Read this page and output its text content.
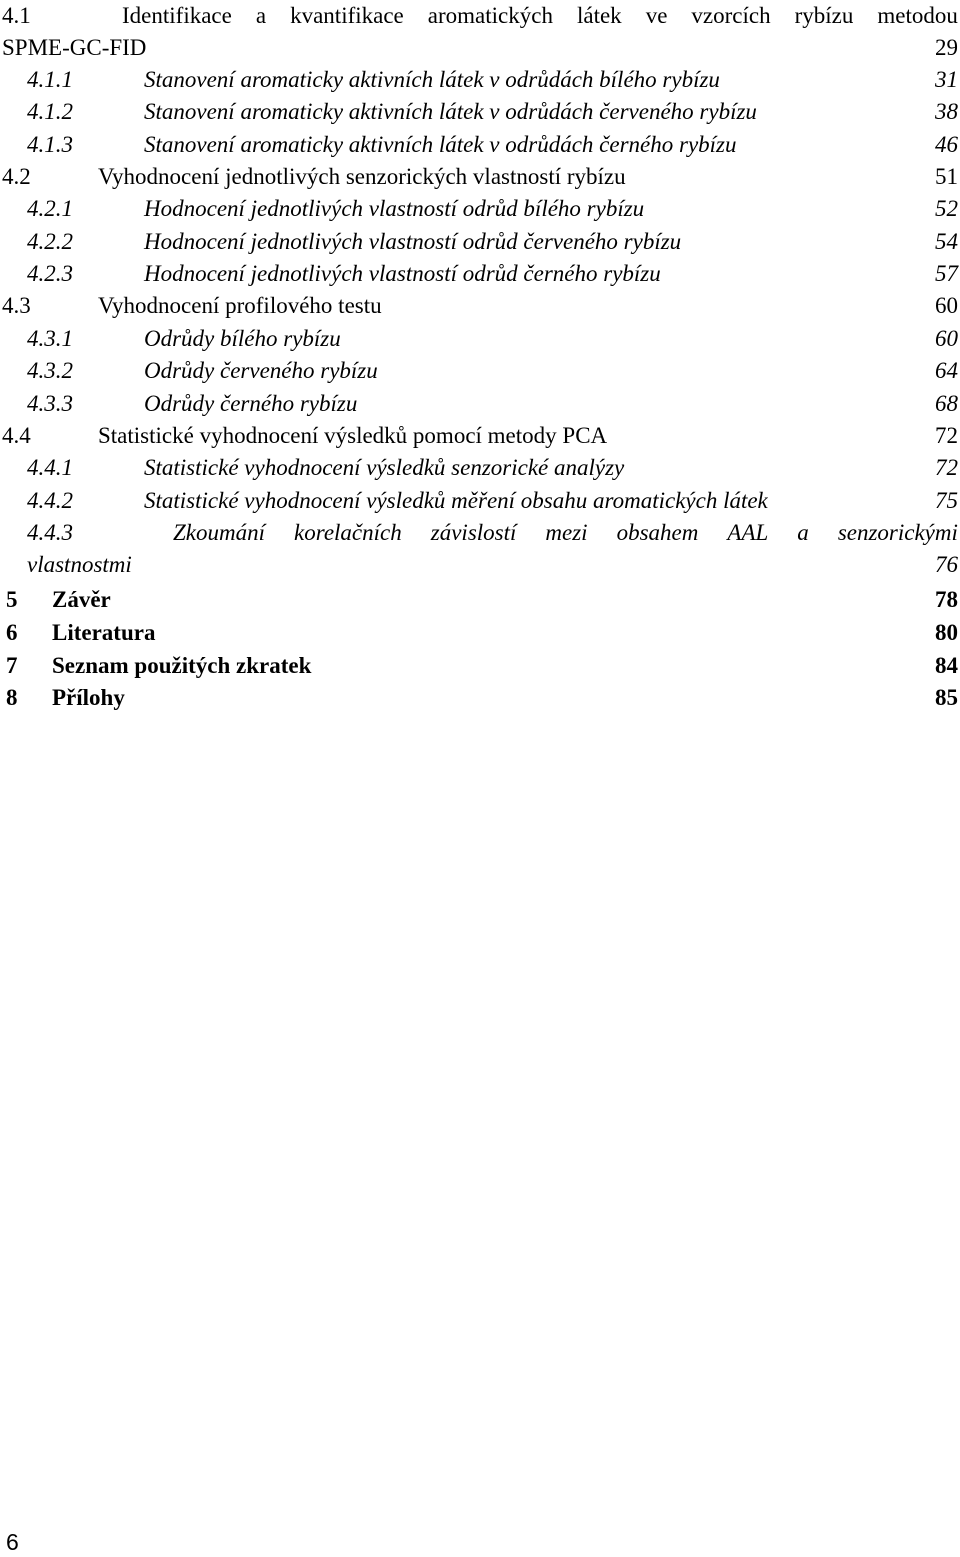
4.1	Identifikace a kvantifikace aromatických látek ve vzorcích rybízu metodou
SPME-GC-FID	29
4.1.1	Stanovení aromaticky aktivních látek v odrůdách bílého rybízu	31
4.1.2	Stanovení aromaticky aktivních látek v odrůdách červeného rybízu	38
4.1.3	Stanovení aromaticky aktivních látek v odrůdách černého rybízu	46
4.2	Vyhodnocení jednotlivých senzorických vlastností rybízu	51
4.2.1	Hodnocení jednotlivých vlastností odrůd bílého rybízu	52
4.2.2	Hodnocení jednotlivých vlastností odrůd červeného rybízu	54
4.2.3	Hodnocení jednotlivých vlastností odrůd černého rybízu	57
4.3	Vyhodnocení profilového testu	60
4.3.1	Odrůdy bílého rybízu	60
4.3.2	Odrůdy červeného rybízu	64
4.3.3	Odrůdy černého rybízu	68
4.4	Statistické vyhodnocení výsledků pomocí metody PCA	72
4.4.1	Statistické vyhodnocení výsledků senzorické analýzy	72
4.4.2	Statistické vyhodnocení výsledků měření obsahu aromatických látek	75
4.4.3	Zkoumání korelačních závislostí mezi obsahem AAL a senzorickými
vlastnostmi	76
5 Závěr	78
6 Literatura	80
7 Seznam použitých zkratek	84
8 Přílohy	85
6
